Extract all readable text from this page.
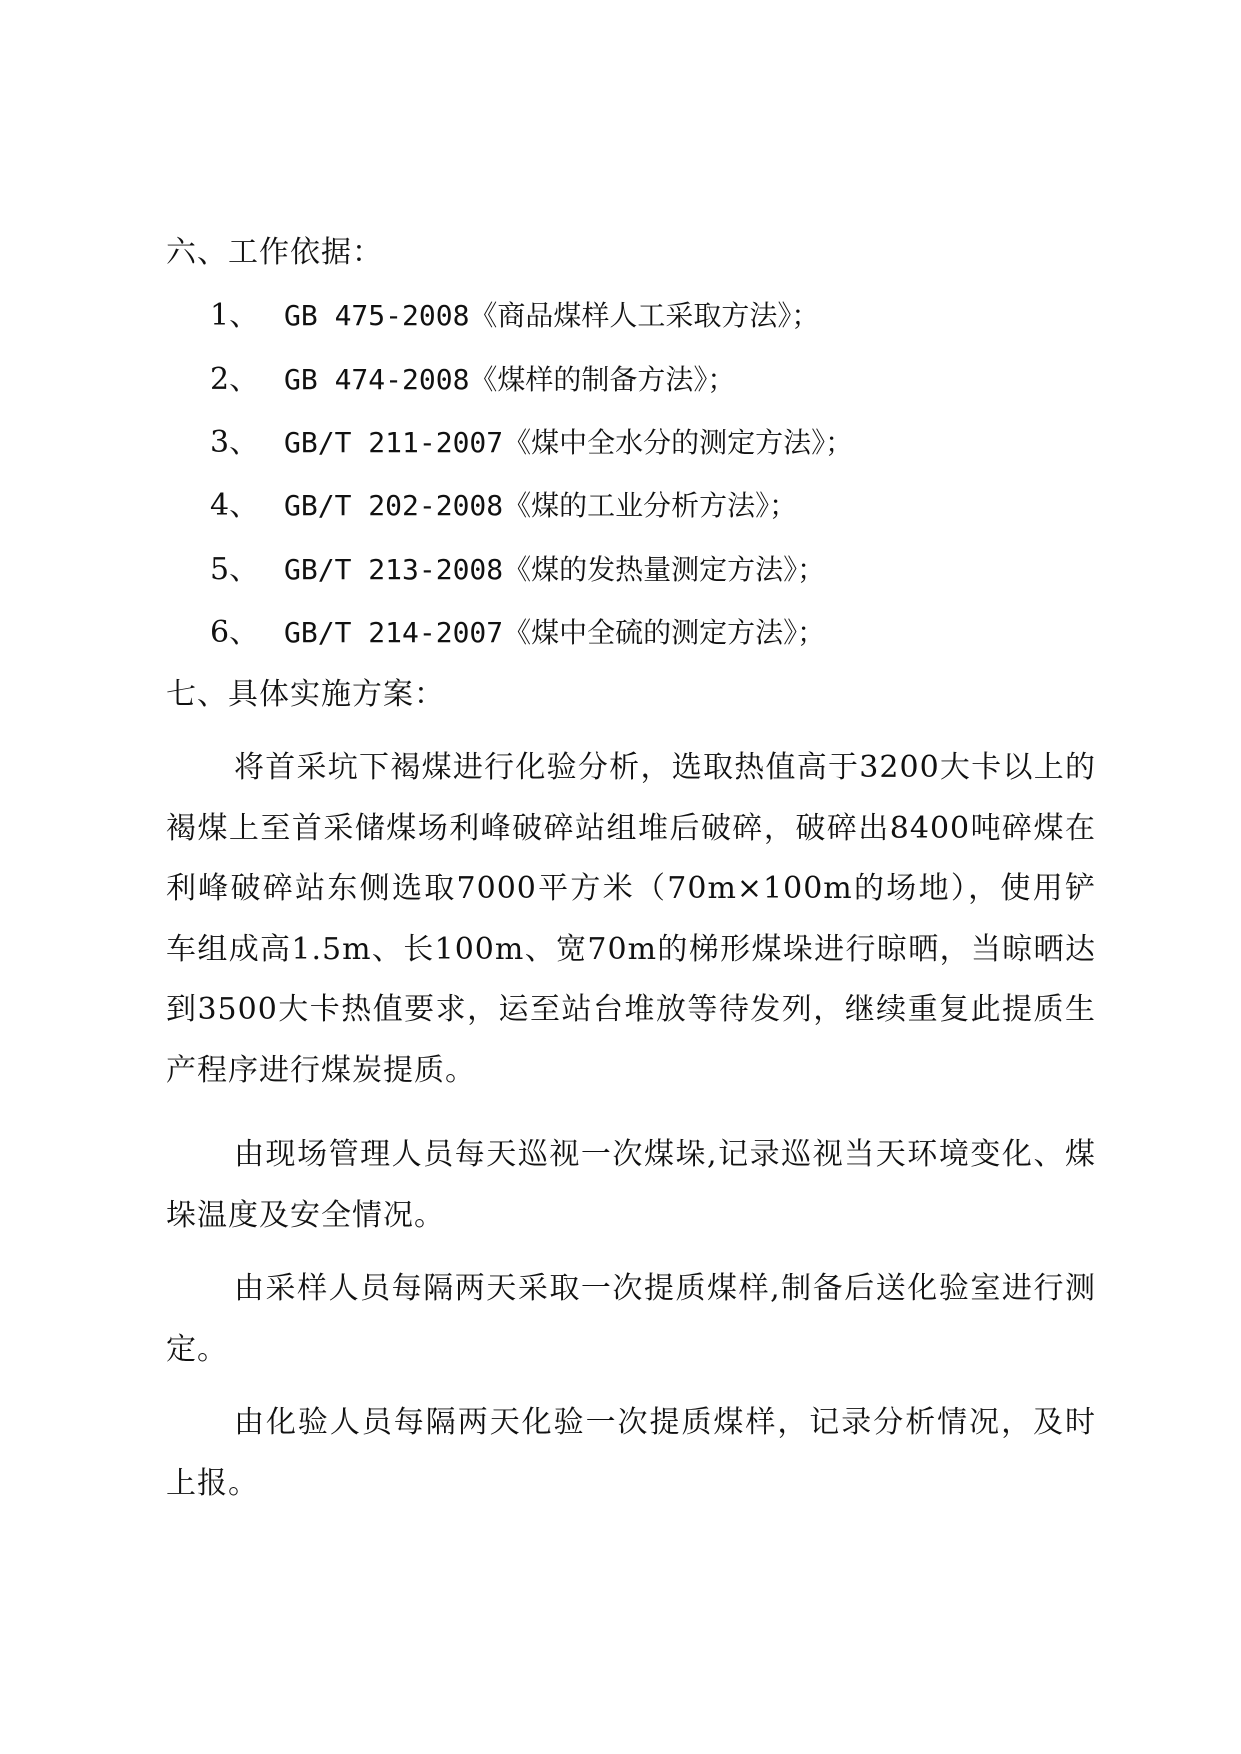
六、工作依据：
1、 GB 475-2008《商品煤样人工采取方法》；
2、 GB 474-2008《煤样的制备方法》；
3、 GB/T 211-2007《煤中全水分的测定方法》；
4、 GB/T 202-2008《煤的工业分析方法》；
5、 GB/T 213-2008《煤的发热量测定方法》；
6、 GB/T 214-2007《煤中全硫的测定方法》；
七、具体实施方案：
将首采坑下褐煤进行化验分析，选取热值高于3200大卡以上的褐煤上至首采储煤场利峰破碎站组堆后破碎，破碎出8400吨碎煤在利峰破碎站东侧选取7000平方米（70m×100m的场地），使用铲车组成高1.5m、长100m、宽70m的梯形煤垛进行晾晒，当晾晒达到3500大卡热值要求，运至站台堆放等待发列，继续重复此提质生产程序进行煤炭提质。
由现场管理人员每天巡视一次煤垛,记录巡视当天环境变化、煤垛温度及安全情况。
由采样人员每隔两天采取一次提质煤样,制备后送化验室进行测定。
由化验人员每隔两天化验一次提质煤样，记录分析情况，及时上报。
